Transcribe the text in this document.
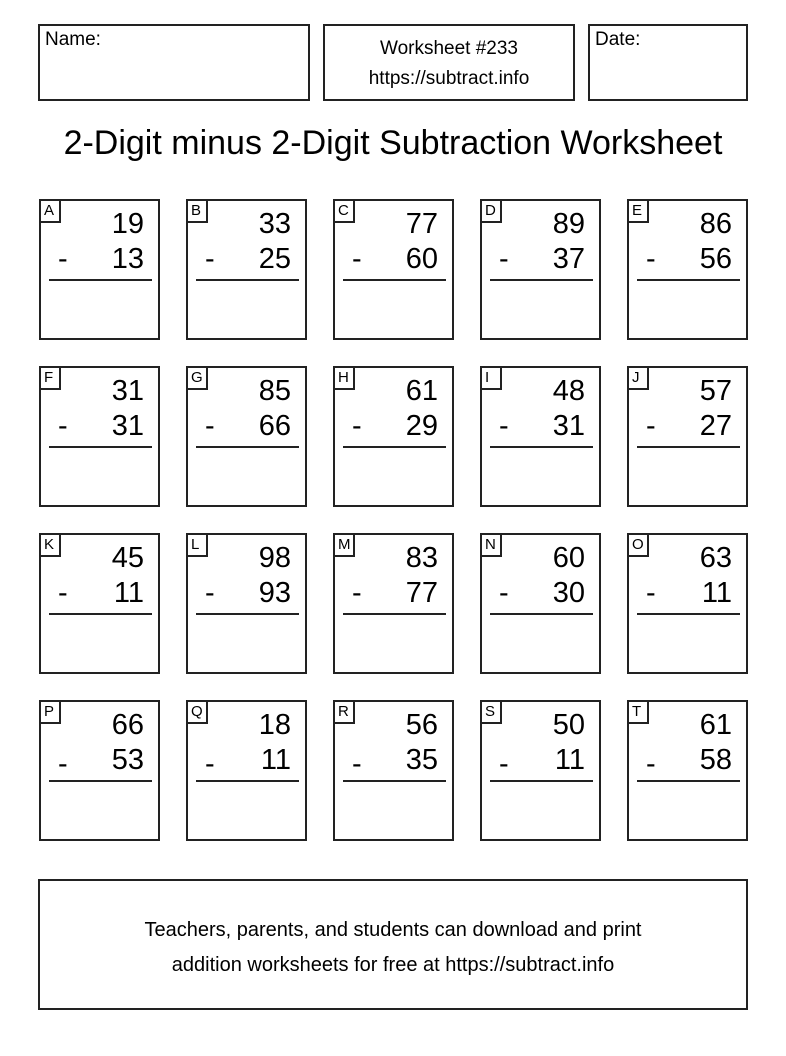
Name:	Worksheet #233
https://subtract.info
Date:
2-Digit minus 2-Digit Subtraction Worksheet
A 19
- 13
B 33
- 25
C 77
- 60
D 89
- 37
E 86
- 56
F 31
- 31
G 85
- 66
H 61
- 29
I	48
- 31
J	57
- 27
K 45
- 11
L 98
- 93
M 83
- 77
N 60
- 30
O 63
- 11
P 66
- 53
Q 18
- 11
R 56
- 35
S 50
- 11
T 61
- 58
Teachers, parents, and students can download and print
addition worksheets for free at https://subtract.info
